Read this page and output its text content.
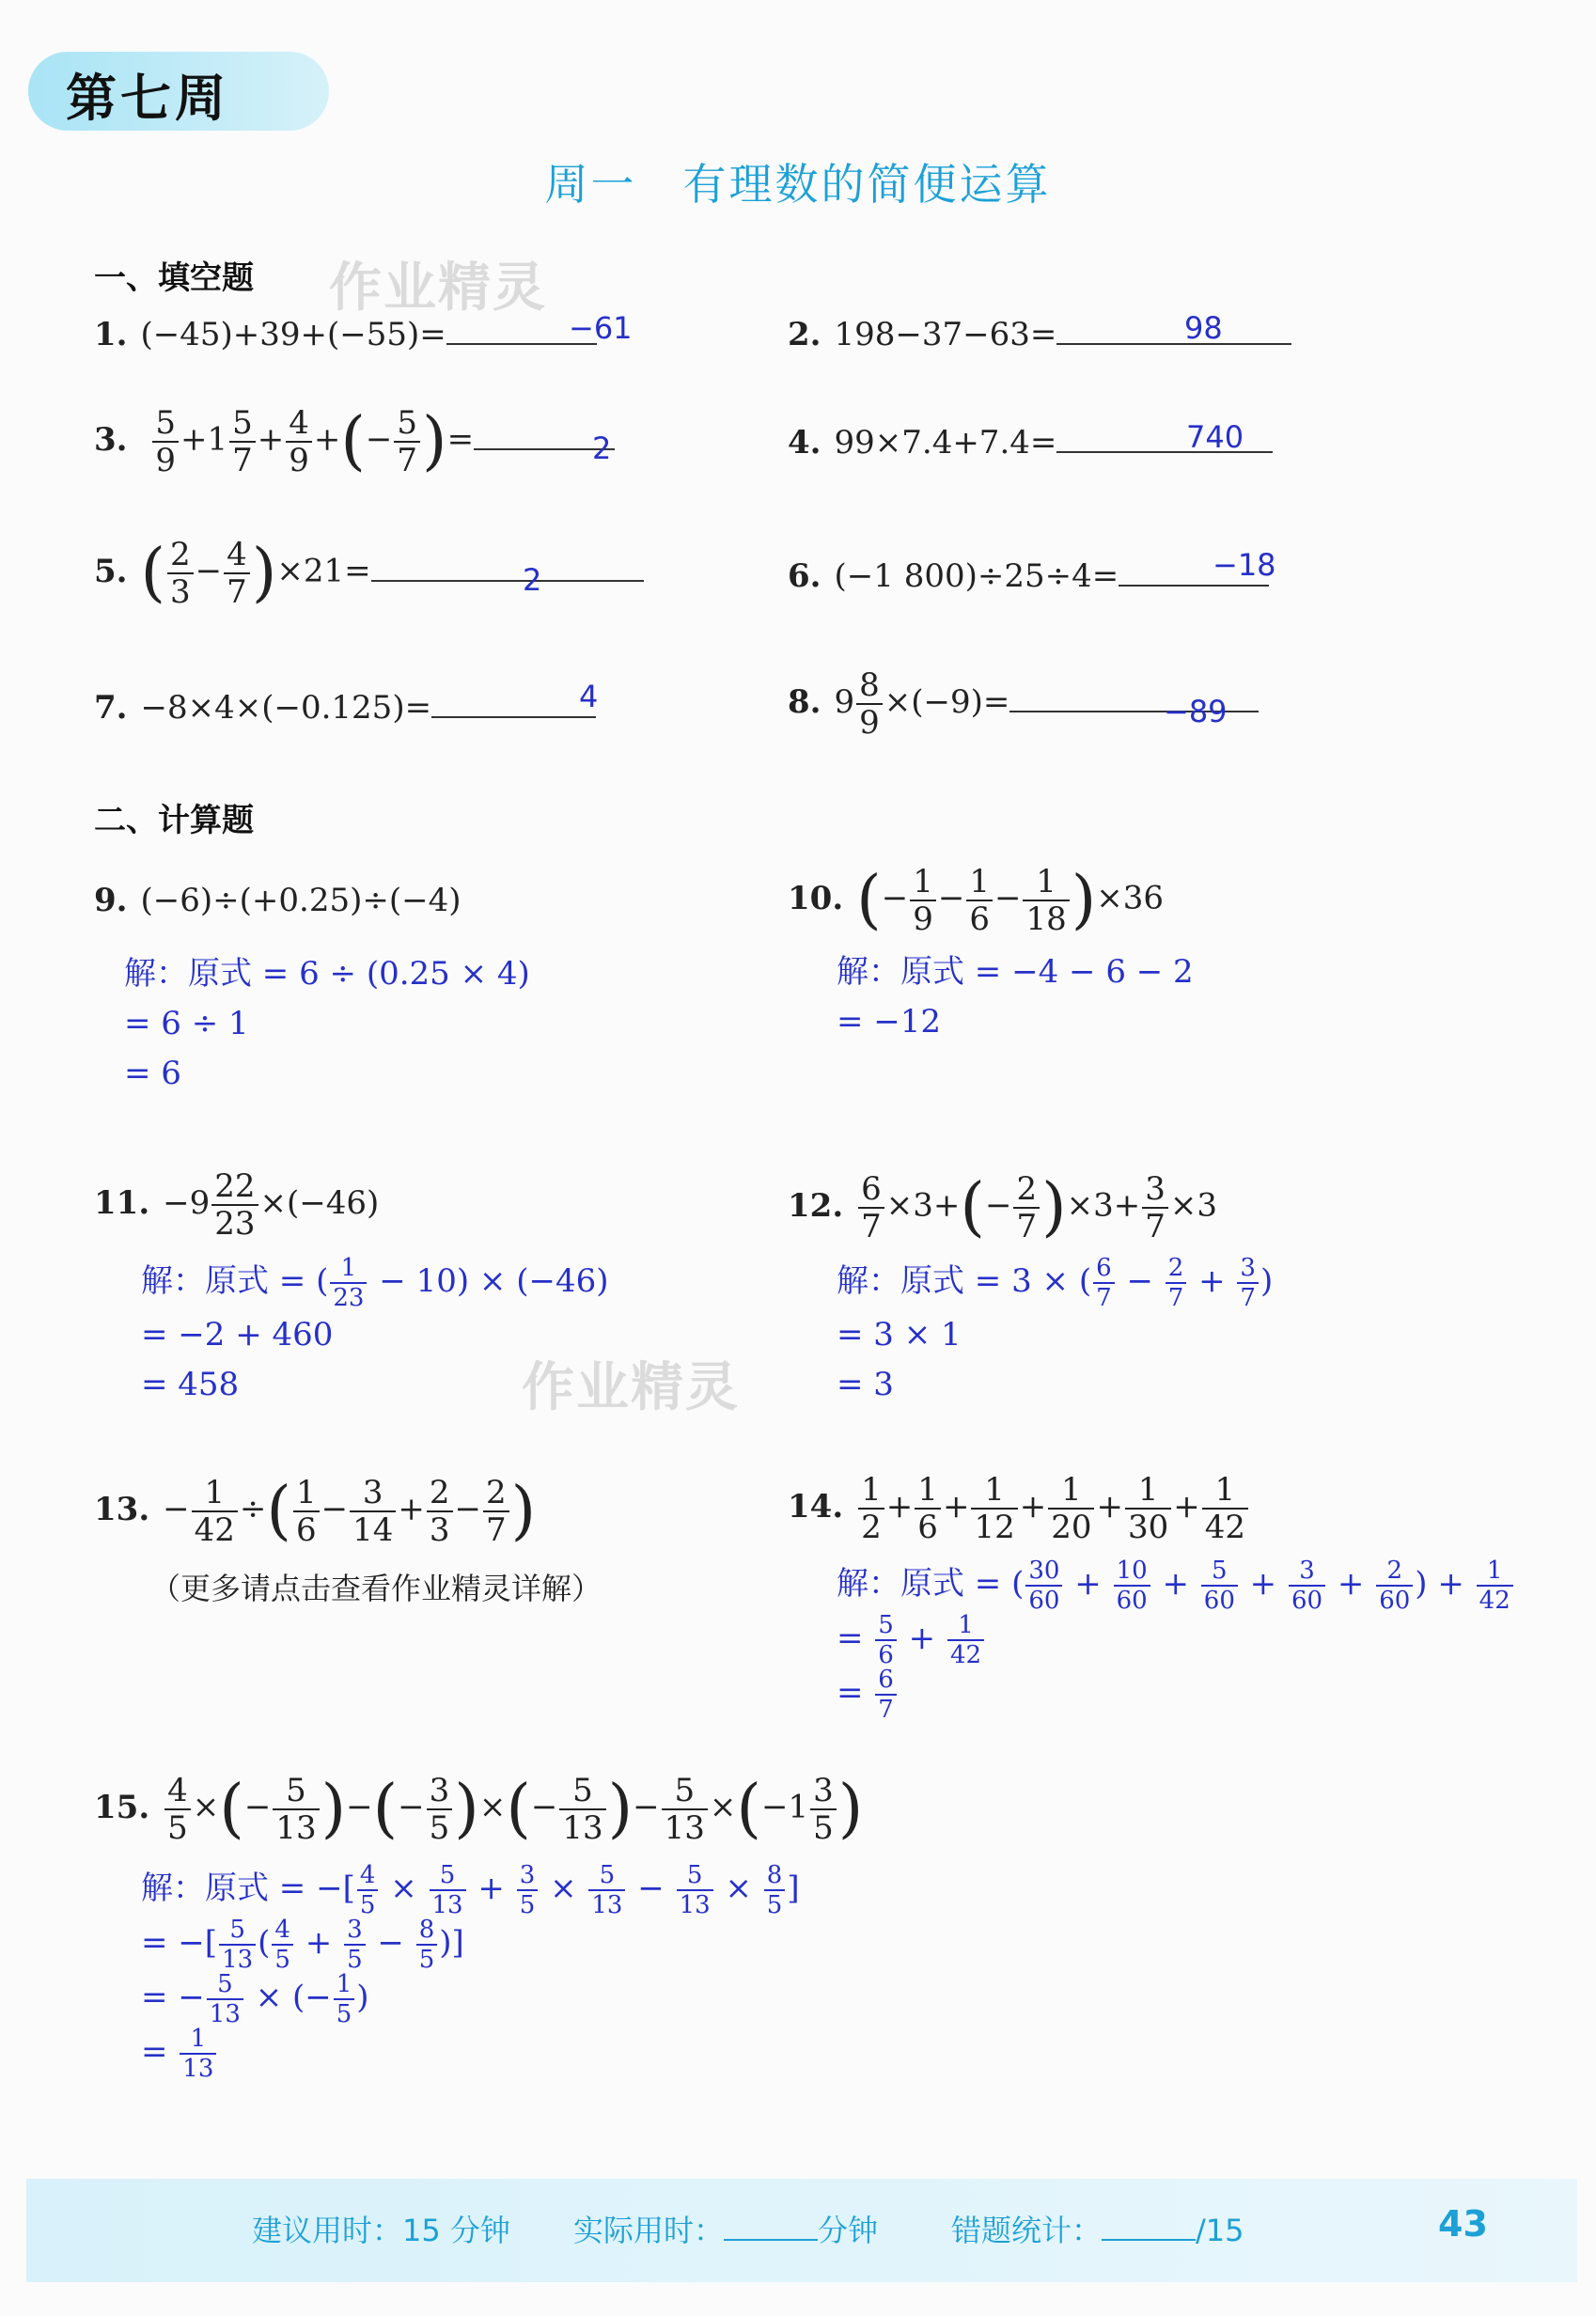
第七周
周一　有理数的简便运算
作业精灵
作业精灵
一、填空题
1. (−45)+39+(−55)=	−61	2. 198−37−63=	98
3. $\frac{5}{9} +1 \frac{5}{7} + \frac{4}{9}$ +(− $\frac{5}{7}$ )=	2	4. 99×7.4+7.4=	740
5. ( $\frac{2}{3} - \frac{4}{7} )\times 21=$	2	6. (−1 800)÷25÷4=	−18
7. −8×4×(−0.125)=	4	8. $9 \frac{8}{9} \times(-9)=$	−89
二、计算题
9. (−6)÷(+0.25)÷(−4)
解：原式 = 6 ÷ (0.25 × 4)
= 6 ÷ 1
= 6
10. (− $\frac{1}{9} - \frac{1}{6} - \frac{1}{18} )\times 36$
解：原式 = −4 − 6 − 2
= −12
11. $-9 \frac{22}{23} \times(-46)$
解：原式 = ( $\frac{1}{23} - 10) \times (-46)$
= −2 + 460
= 458
12. $\frac{6}{7} \times 3+(- \frac{2}{7} )\times 3+ \frac{3}{7} \times 3$
解：原式 = 3 × ( $\frac{6}{7} - \frac{2}{7} + \frac{3}{7}$ )
= 3 × 1
= 3
13. − $\frac{1}{42}$ ÷( $\frac{1}{6} - \frac{3}{14} + \frac{2}{3} - \frac{2}{7}$ )
（更多请点击查看作业精灵详解）
14. $\frac{1}{2} + \frac{1}{6} + \frac{1}{12} + \frac{1}{20} + \frac{1}{30} + \frac{1}{42}$
解：原式 = ( $\frac{30}{60} + \frac{10}{60} + \frac{5}{60} + \frac{3}{60} + \frac{2}{60}$ ) + $\frac{1}{42}$
= $\frac{5}{6} + \frac{1}{42}$
= $\frac{6}{7}$
15. $\frac{4}{5}$ ×(− $\frac{5}{13}$ )−(− $\frac{3}{5}$ )×(− $\frac{5}{13}$ )− $\frac{5}{13} \times(-1 \frac{3}{5}$ )
解：原式 = −[ $\frac{4}{5} \times \frac{5}{13} + \frac{3}{5} \times \frac{5}{13} - \frac{5}{13} \times \frac{8}{5}$ ]
= −[ $\frac{5}{13}$ ( $\frac{4}{5} + \frac{3}{5} - \frac{8}{5}$ )]
= − $\frac{5}{13}$ × (− $\frac{1}{5}$ )
= $\frac{1}{13}$
建议用时：15 分钟 实际用时：	分钟 错题统计：	/15	43
